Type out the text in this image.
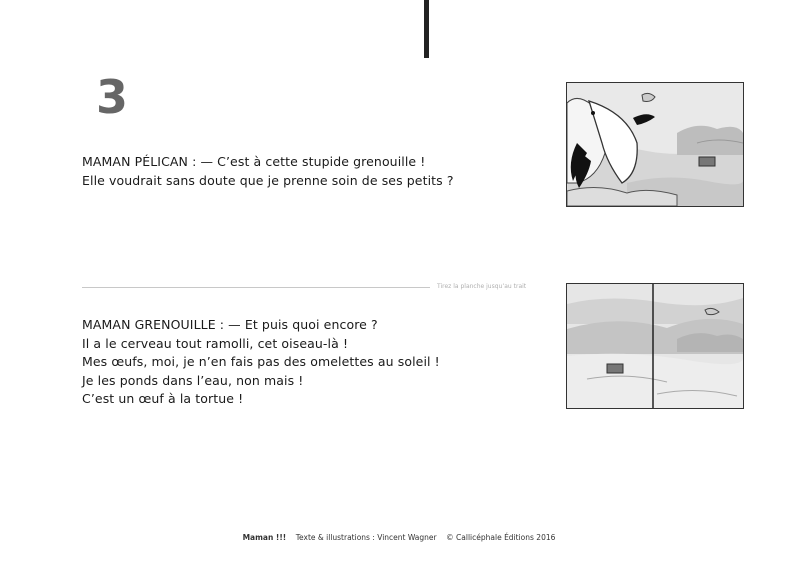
3
MAMAN PÉLICAN : — C’est à cette stupide grenouille !
Elle voudrait sans doute que je prenne soin de ses petits ?
Tirez la planche jusqu’au trait
MAMAN GRENOUILLE : — Et puis quoi encore ?
Il a le cerveau tout ramolli, cet oiseau-là !
Mes œufs, moi, je n’en fais pas des omelettes au soleil !
Je les ponds dans l’eau, non mais !
C’est un œuf à la tortue !
Maman !!! Texte & illustrations : Vincent Wagner © Callicéphale Éditions 2016
